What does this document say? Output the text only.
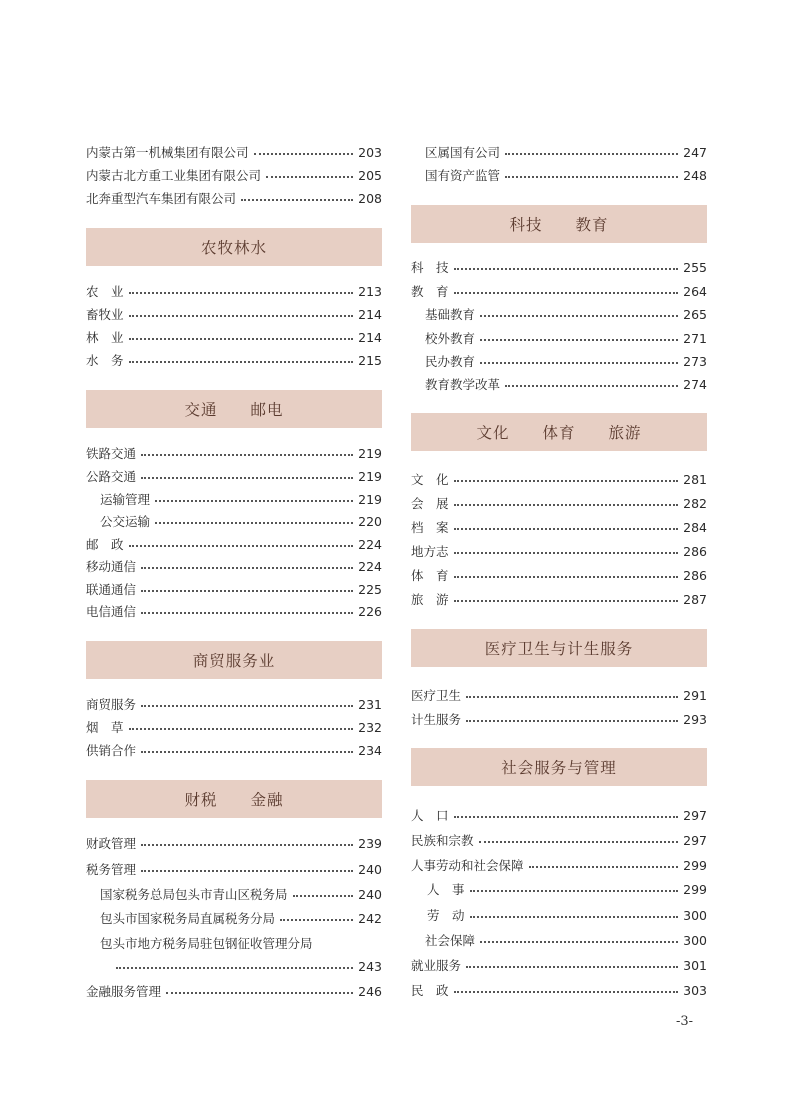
内蒙古第一机械集团有限公司	203
内蒙古北方重工业集团有限公司	205
北奔重型汽车集团有限公司	208
农牧林水
农　业	213
畜牧业	214
林　业	214
水　务	215
交通　　邮电
铁路交通	219
公路交通	219
运输管理	219
公交运输	220
邮　政	224
移动通信	224
联通通信	225
电信通信	226
商贸服务业
商贸服务	231
烟　草	232
供销合作	234
财税　　金融
财政管理	239
税务管理	240
国家税务总局包头市青山区税务局	240
包头市国家税务局直属税务分局	242
包头市地方税务局驻包钢征收管理分局
243
金融服务管理	246
区属国有公司	247
国有资产监管	248
科技　　教育
科　技	255
教　育	264
基础教育	265
校外教育	271
民办教育	273
教育教学改革	274
文化　　体育　　旅游
文　化	281
会　展	282
档　案	284
地方志	286
体　育	286
旅　游	287
医疗卫生与计生服务
医疗卫生	291
计生服务	293
社会服务与管理
人　口	297
民族和宗教	297
人事劳动和社会保障	299
人　事	299
劳　动	300
社会保障	300
就业服务	301
民　政	303
-3-
